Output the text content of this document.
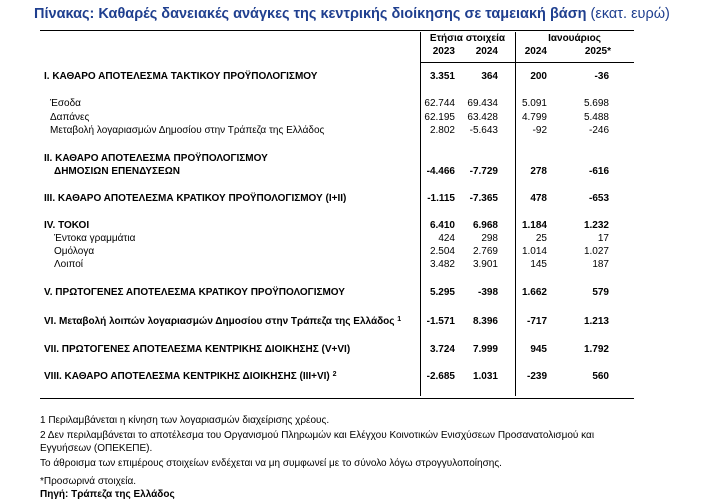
Πίνακας: Καθαρές δανειακές ανάγκες της κεντρικής διοίκησης σε ταμειακή βάση (εκατ. ευρώ)
Ετήσια στοιχεία	Ιανουάριος
2023	2024	2024	2025*
I. ΚΑΘΑΡΟ ΑΠΟΤΕΛΕΣΜΑ ΤΑΚΤΙΚΟΥ ΠΡΟΫΠΟΛΟΓΙΣΜΟΥ	3.351	364	200	-36
Έσοδα	62.744	69.434	5.091	5.698
Δαπάνες	62.195	63.428	4.799	5.488
Μεταβολή λογαριασμών Δημοσίου στην Τράπεζα της Ελλάδος	2.802	-5.643	-92	-246
II. ΚΑΘΑΡΟ ΑΠΟΤΕΛΕΣΜΑ ΠΡΟΫΠΟΛΟΓΙΣΜΟΥ
ΔΗΜΟΣΙΩΝ ΕΠΕΝΔΥΣΕΩΝ	-4.466	-7.729	278	-616
III. ΚΑΘΑΡΟ ΑΠΟΤΕΛΕΣΜΑ ΚΡΑΤΙΚΟΥ ΠΡΟΫΠΟΛΟΓΙΣΜΟΥ (I+II)	-1.115	-7.365	478	-653
IV. ΤΟΚΟΙ	6.410	6.968	1.184	1.232
Έντοκα γραμμάτια	424	298	25	17
Ομόλογα	2.504	2.769	1.014	1.027
Λοιποί	3.482	3.901	145	187
V. ΠΡΩΤΟΓΕΝΕΣ ΑΠΟΤΕΛΕΣΜΑ ΚΡΑΤΙΚΟΥ ΠΡΟΫΠΟΛΟΓΙΣΜΟΥ	5.295	-398	1.662	579
VI. Μεταβολή λοιπών λογαριασμών Δημοσίου στην Τράπεζα της Ελλάδος $^1$	-1.571	8.396	-717	1.213
VII. ΠΡΩΤΟΓΕΝΕΣ ΑΠΟΤΕΛΕΣΜΑ ΚΕΝΤΡΙΚΗΣ ΔΙΟΙΚΗΣΗΣ (V+VI)	3.724	7.999	945	1.792
VIII. ΚΑΘΑΡΟ ΑΠΟΤΕΛΕΣΜΑ ΚΕΝΤΡΙΚΗΣ ΔΙΟΙΚΗΣΗΣ (III+VI) $^2$	-2.685	1.031	-239	560
1 Περιλαμβάνεται η κίνηση των λογαριασμών διαχείρισης χρέους.
2 Δεν περιλαμβάνεται το αποτέλεσμα του Οργανισμού Πληρωμών και Ελέγχου Κοινοτικών Ενισχύσεων Προσανατολισμού και
Εγγυήσεων (ΟΠΕΚΕΠΕ).
Το άθροισμα των επιμέρους στοιχείων ενδέχεται να μη συμφωνεί με το σύνολο λόγω στρογγυλοποίησης.
*Προσωρινά στοιχεία.
Πηγή: Τράπεζα της Ελλάδος
